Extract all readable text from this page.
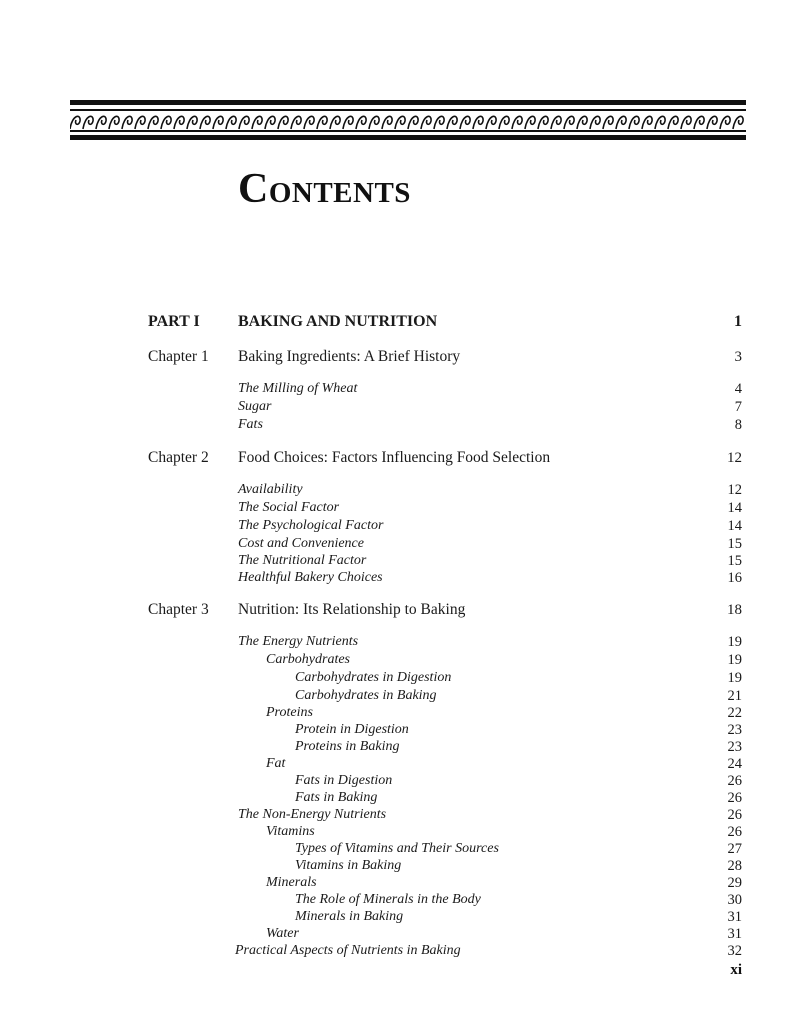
Contents
PART I BAKING AND NUTRITION	1
Chapter 1 Baking Ingredients: A Brief History	3
The Milling of Wheat	4
Sugar	7
Fats	8
Chapter 2 Food Choices: Factors Influencing Food Selection	12
Availability	12
The Social Factor	14
The Psychological Factor	14
Cost and Convenience	15
The Nutritional Factor	15
Healthful Bakery Choices	16
Chapter 3 Nutrition: Its Relationship to Baking	18
The Energy Nutrients	19
Carbohydrates	19
Carbohydrates in Digestion	19
Carbohydrates in Baking	21
Proteins	22
Protein in Digestion	23
Proteins in Baking	23
Fat	24
Fats in Digestion	26
Fats in Baking	26
The Non-Energy Nutrients	26
Vitamins	26
Types of Vitamins and Their Sources	27
Vitamins in Baking	28
Minerals	29
The Role of Minerals in the Body	30
Minerals in Baking	31
Water	31
Practical Aspects of Nutrients in Baking	32
xi
